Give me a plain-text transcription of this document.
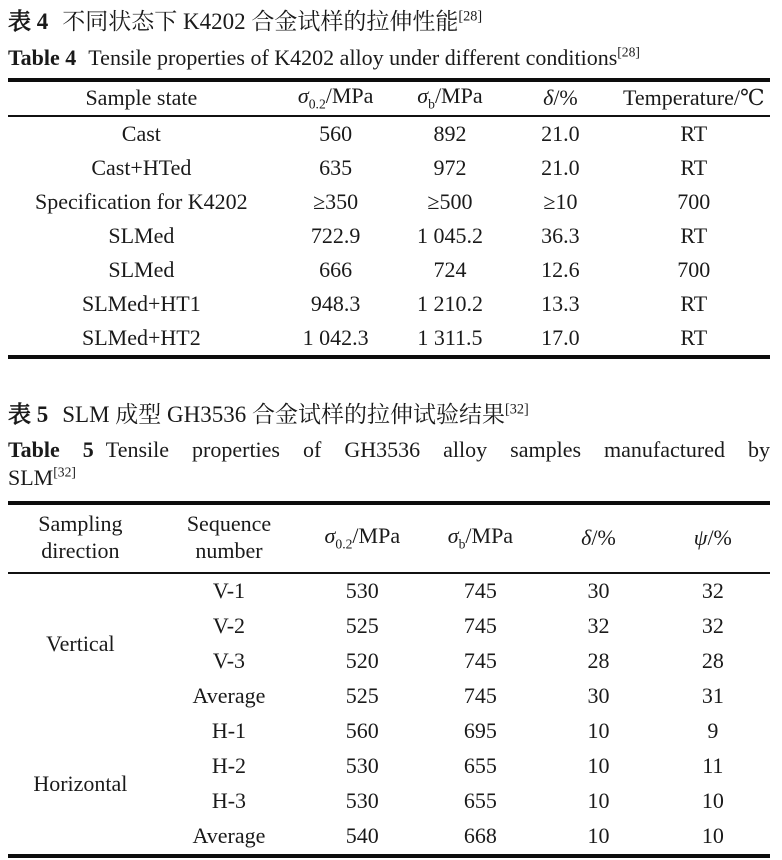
表 4 不同状态下 K4202 合金试样的拉伸性能[28]

Table 4 Tensile properties of K4202 alloy under different conditions[28]

Sample state	$\sigma_{0.2}$/MPa	$\sigma_b$/MPa	δ/%	Temperature/℃
Cast	560	892	21.0	RT
Cast+HTed	635	972	21.0	RT
Specification for K4202	≥350	≥500	≥10	700
SLMed	722.9	1 045.2	36.3	RT
SLMed	666	724	12.6	700
SLMed+HT1	948.3	1 210.2	13.3	RT
SLMed+HT2	1 042.3	1 311.5	17.0	RT

表 5 SLM 成型 GH3536 合金试样的拉伸试验结果[32]

Table 5 Tensile properties of GH3536 alloy samples manufactured by

SLM[32]

Sampling
direction	Sequence
number	$\sigma_{0.2}$/MPa	$\sigma_b$/MPa	δ/%	ψ/%
Vertical	V-1	530	745	30	32
	V-2	525	745	32	32
	V-3	520	745	28	28
	Average	525	745	30	31
Horizontal	H-1	560	695	10	9
	H-2	530	655	10	11
	H-3	530	655	10	10
	Average	540	668	10	10
